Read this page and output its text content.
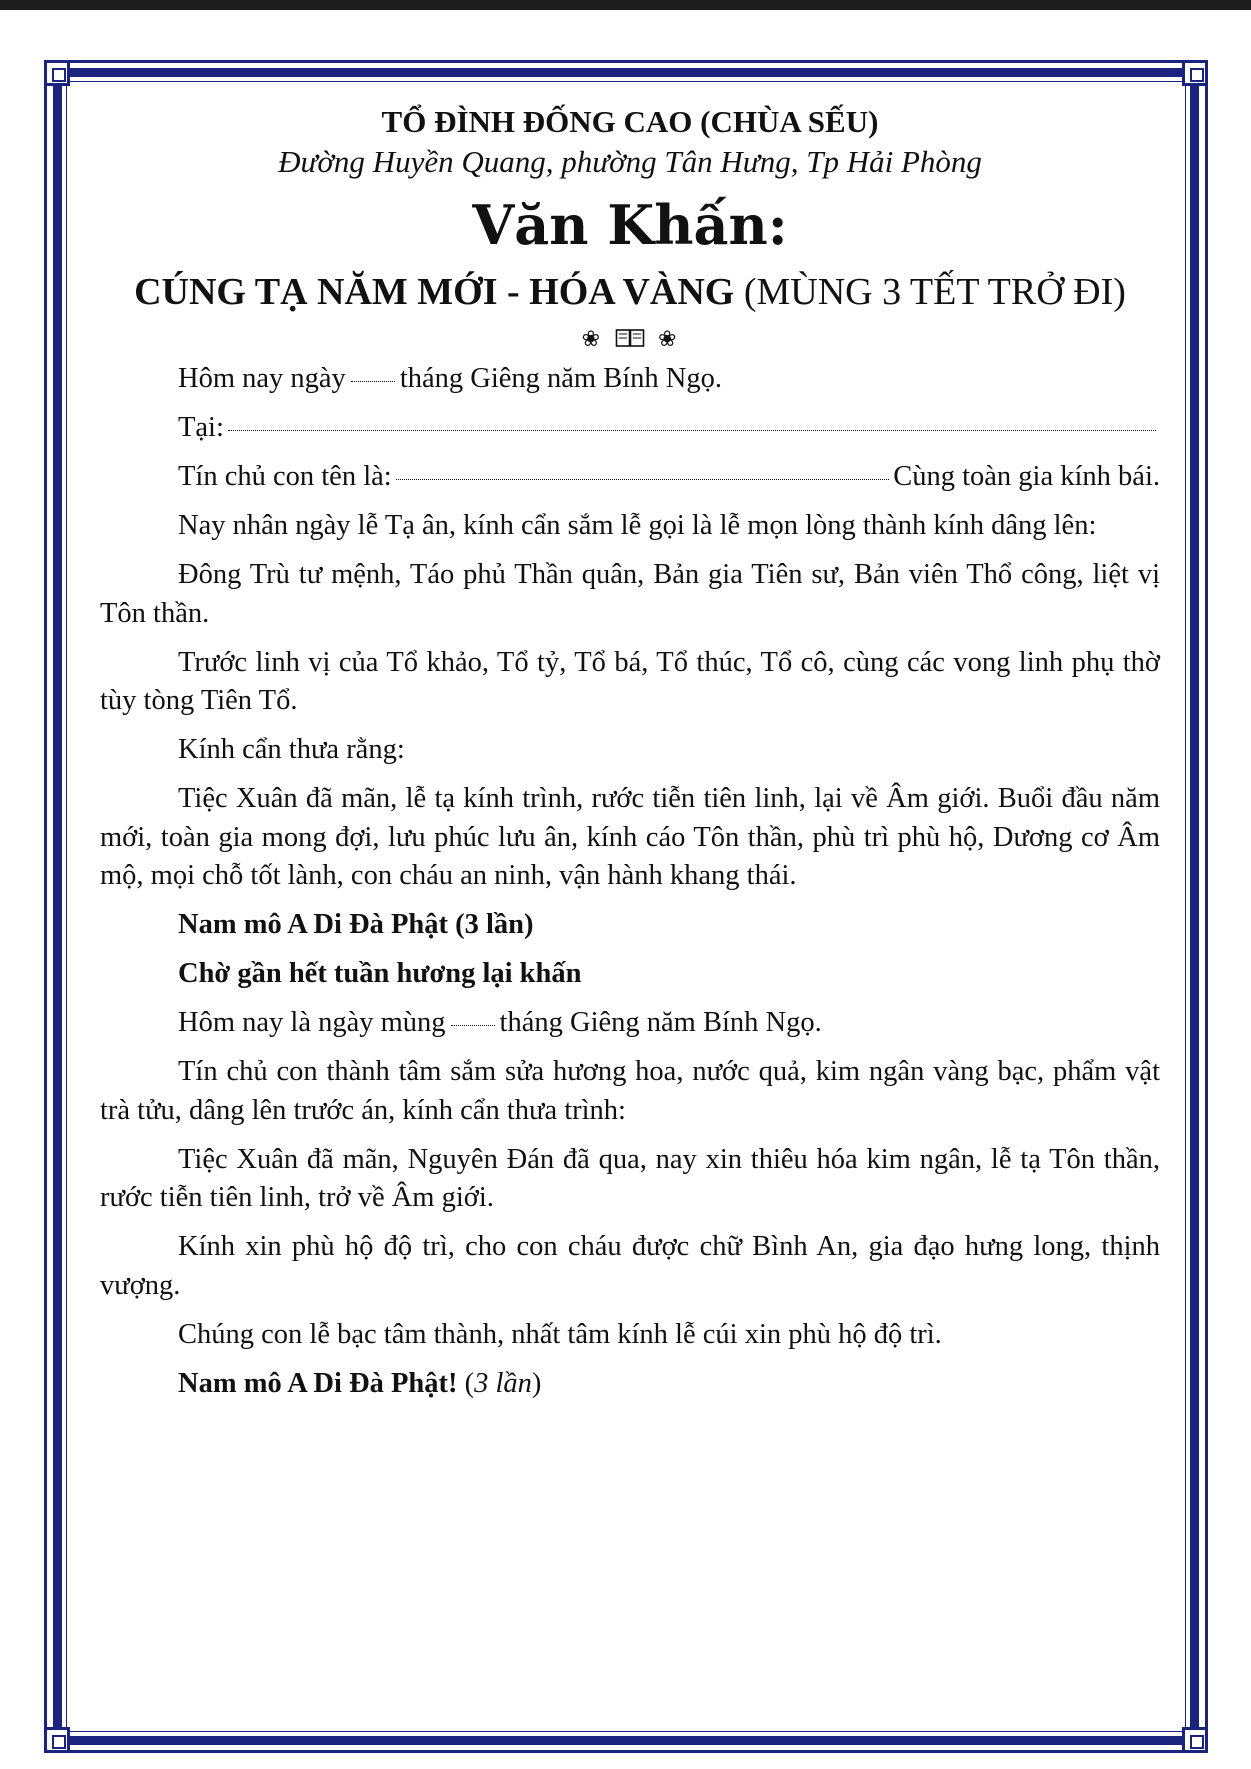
TỔ ĐÌNH ĐỐNG CAO (CHÙA SẾU)

Đường Huyền Quang, phường Tân Hưng, Tp Hải Phòng

Văn Khấn:

CÚNG TẠ NĂM MỚI - HÓA VÀNG (MÙNG 3 TẾT TRỞ ĐI)

❀	❀

Hôm nay ngày tháng Giêng năm Bính Ngọ.

Tại:

Tín chủ con tên là:	Cùng toàn gia kính bái.

Nay nhân ngày lễ Tạ ân, kính cẩn sắm lễ gọi là lễ mọn lòng thành kính dâng lên:

Đông Trù tư mệnh, Táo phủ Thần quân, Bản gia Tiên sư, Bản viên Thổ công, liệt vị Tôn thần.

Trước linh vị của Tổ khảo, Tổ tỷ, Tổ bá, Tổ thúc, Tổ cô, cùng các vong linh phụ thờ tùy tòng Tiên Tổ.

Kính cẩn thưa rằng:

Tiệc Xuân đã mãn, lễ tạ kính trình, rước tiễn tiên linh, lại về Âm giới. Buổi đầu năm mới, toàn gia mong đợi, lưu phúc lưu ân, kính cáo Tôn thần, phù trì phù hộ, Dương cơ Âm mộ, mọi chỗ tốt lành, con cháu an ninh, vận hành khang thái.

Nam mô A Di Đà Phật (3 lần)

Chờ gần hết tuần hương lại khấn

Hôm nay là ngày mùng tháng Giêng năm Bính Ngọ.

Tín chủ con thành tâm sắm sửa hương hoa, nước quả, kim ngân vàng bạc, phẩm vật trà tửu, dâng lên trước án, kính cẩn thưa trình:

Tiệc Xuân đã mãn, Nguyên Đán đã qua, nay xin thiêu hóa kim ngân, lễ tạ Tôn thần, rước tiễn tiên linh, trở về Âm giới.

Kính xin phù hộ độ trì, cho con cháu được chữ Bình An, gia đạo hưng long, thịnh vượng.

Chúng con lễ bạc tâm thành, nhất tâm kính lễ cúi xin phù hộ độ trì.

Nam mô A Di Đà Phật! (3 lần)
